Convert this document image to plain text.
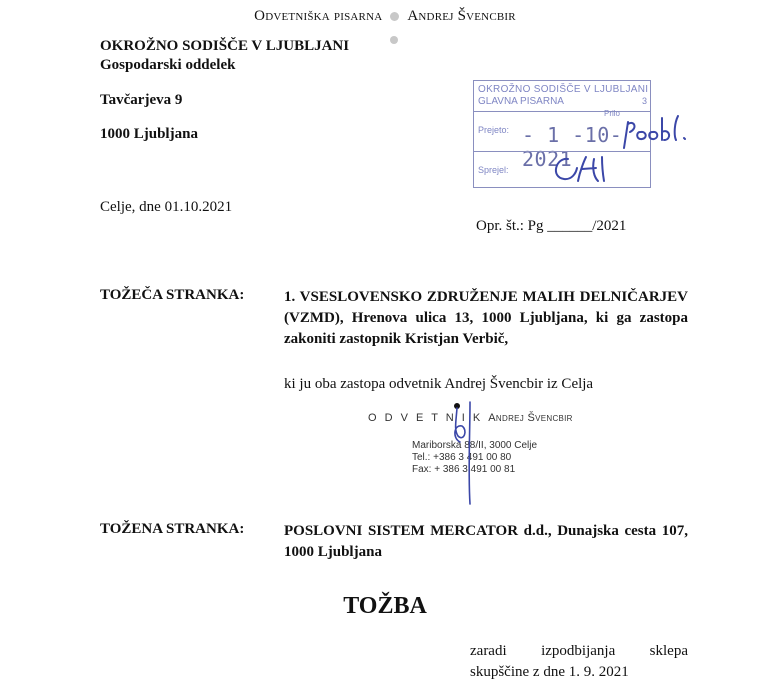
Odvetniška pisarna Andrej Švencbir
OKROŽNO SODIŠČE V LJUBLJANI
Gospodarski oddelek
Tavčarjeva 9
1000 Ljubljana
OKROŽNO SODIŠČE V LJUBLJANI
GLAVNA PISARNA	3
Prejeto:
Prilo
- 1 -10- 2021
Sprejel:
Celje, dne 01.10.2021
Opr. št.: Pg ______/2021
TOŽEČA STRANKA:	1. VSESLOVENSKO ZDRUŽENJE MALIH DELNIČARJEV (VZMD), Hrenova ulica 13, 1000 Ljubljana, ki ga zastopa zakoniti zastopnik Kristjan Verbič,
ki ju oba zastopa odvetnik Andrej Švencbir iz Celja
O D V E T N I K Andrej Švencbir
Mariborska 88/II, 3000 Celje
Tel.: +386 3 491 00 80
Fax: + 386 3 491 00 81
TOŽENA STRANKA:	POSLOVNI SISTEM MERCATOR d.d., Dunajska cesta 107, 1000 Ljubljana
TOŽBA
zaradi izpodbijanja sklepa skupščine z dne 1. 9. 2021
